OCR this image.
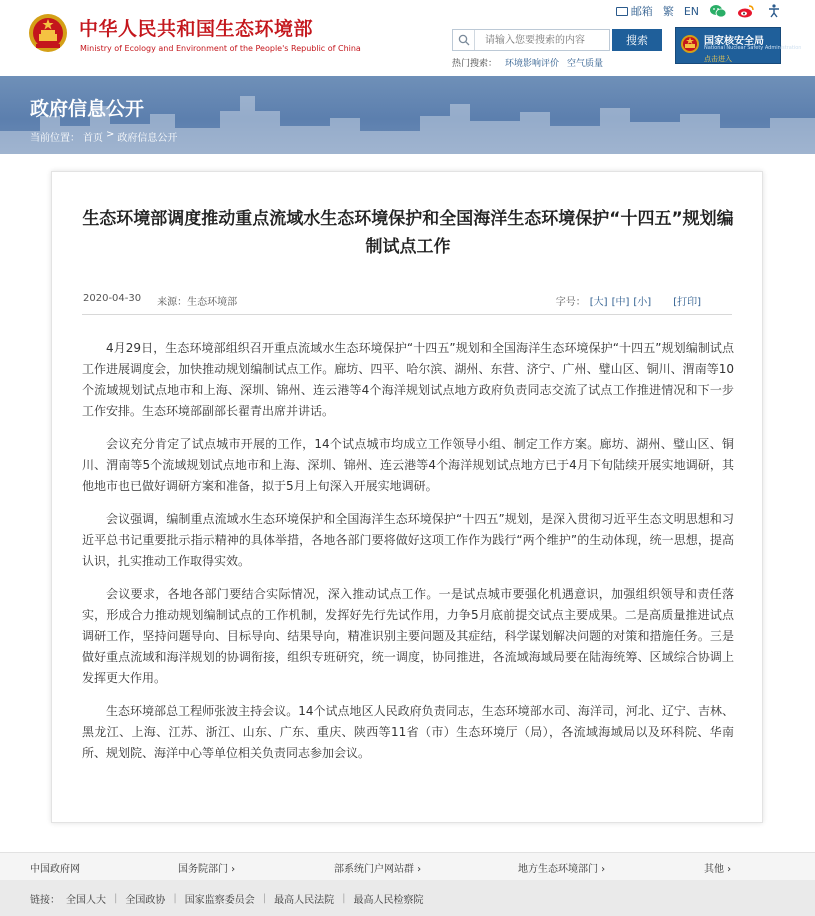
中华人民共和国生态环境部
Ministry of Ecology and Environment of the People's Republic of China
邮箱 繁 EN
请输入您要搜索的内容
搜索
热门搜索： 环境影响评价 空气质量
国家核安全局
National Nuclear Safety Administration
点击进入
政府信息公开
当前位置： 首页 > 政府信息公开
生态环境部调度推动重点流域水生态环境保护和全国海洋生态环境保护“十四五”规划编制试点工作
2020-04-30 来源：生态环境部	字号： [大] [中] [小] [打印]

4月29日，生态环境部组织召开重点流域水生态环境保护“十四五”规划和全国海洋生态环境保护“十四五”规划编制试点工作进展调度会，加快推动规划编制试点工作。廊坊、四平、哈尔滨、湖州、东营、济宁、广州、璧山区、铜川、渭南等10个流域规划试点地市和上海、深圳、锦州、连云港等4个海洋规划试点地方政府负责同志交流了试点工作推进情况和下一步工作安排。生态环境部副部长翟青出席并讲话。

会议充分肯定了试点城市开展的工作，14个试点城市均成立工作领导小组、制定工作方案。廊坊、湖州、璧山区、铜川、渭南等5个流域规划试点地市和上海、深圳、锦州、连云港等4个海洋规划试点地方已于4月下旬陆续开展实地调研，其他地市也已做好调研方案和准备，拟于5月上旬深入开展实地调研。

会议强调，编制重点流域水生态环境保护和全国海洋生态环境保护“十四五”规划，是深入贯彻习近平生态文明思想和习近平总书记重要批示指示精神的具体举措，各地各部门要将做好这项工作作为践行“两个维护”的生动体现，统一思想，提高认识，扎实推动工作取得实效。

会议要求，各地各部门要结合实际情况，深入推动试点工作。一是试点城市要强化机遇意识，加强组织领导和责任落实，形成合力推动规划编制试点的工作机制，发挥好先行先试作用，力争5月底前提交试点主要成果。二是高质量推进试点调研工作，坚持问题导向、目标导向、结果导向，精准识别主要问题及其症结，科学谋划解决问题的对策和措施任务。三是做好重点流域和海洋规划的协调衔接，组织专班研究，统一调度，协同推进，各流域海域局要在陆海统筹、区域综合协调上发挥更大作用。

生态环境部总工程师张波主持会议。14个试点地区人民政府负责同志，生态环境部水司、海洋司，河北、辽宁、吉林、黑龙江、上海、江苏、浙江、山东、广东、重庆、陕西等11省（市）生态环境厅（局），各流域海域局以及环科院、华南所、规划院、海洋中心等单位相关负责同志参加会议。

中国政府网	国务院部门 ›	部系统门户网站群 ›	地方生态环境部门 ›	其他 ›
链接： 全国人大 | 全国政协 | 国家监察委员会 | 最高人民法院 | 最高人民检察院
